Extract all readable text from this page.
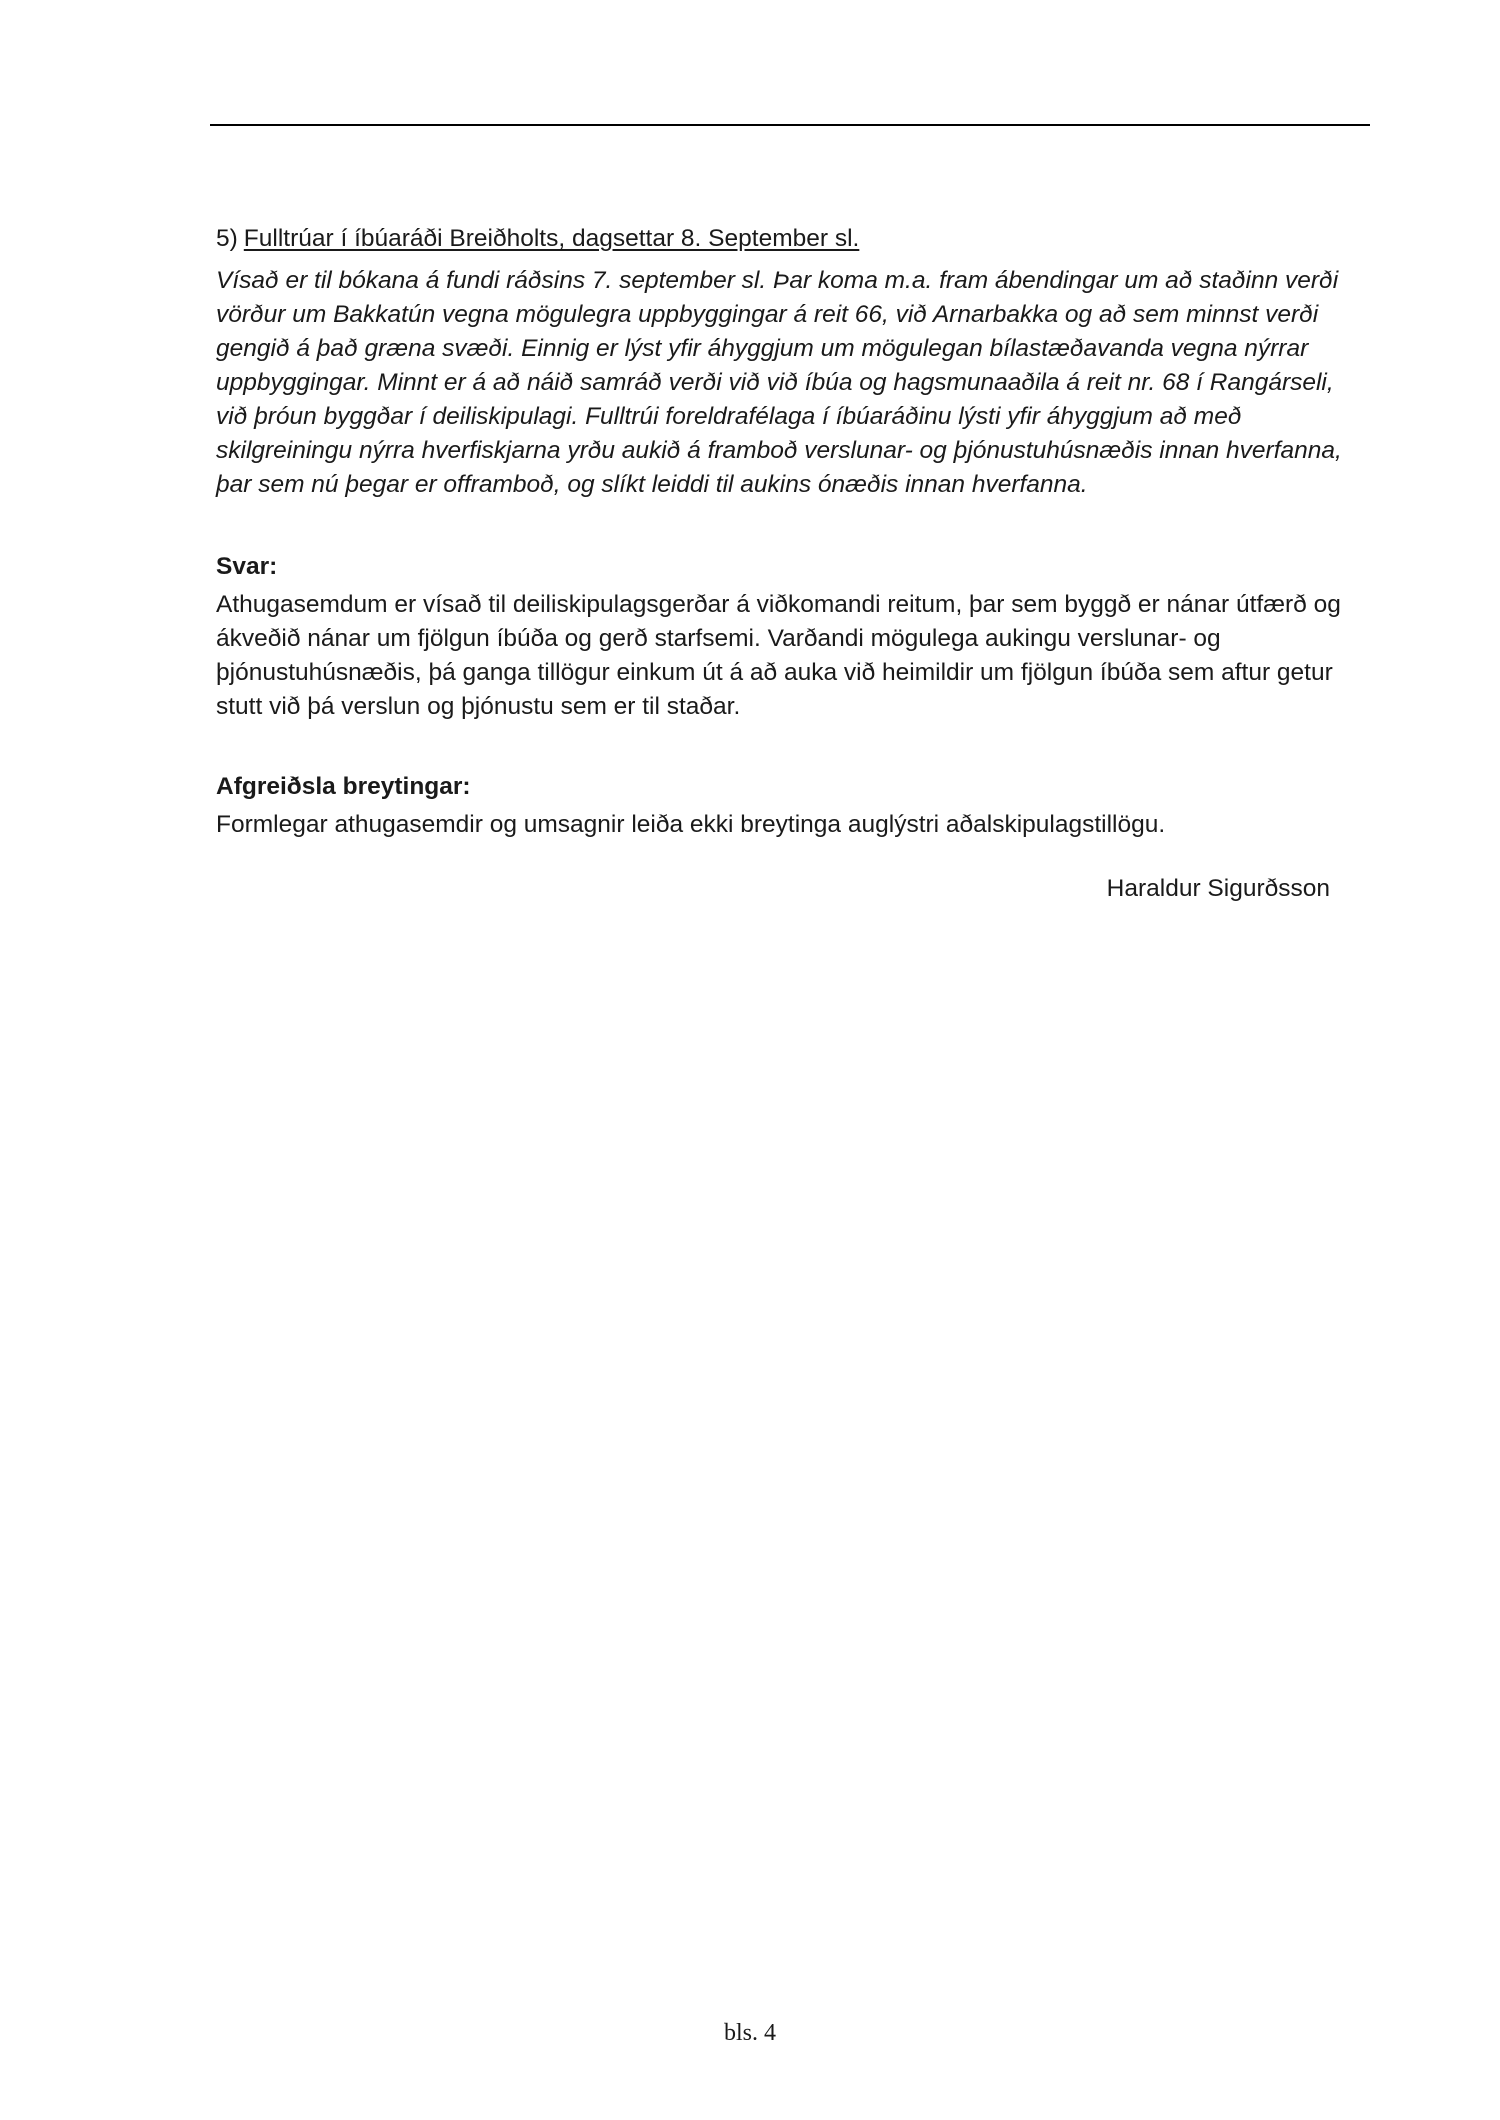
5) Fulltrúar í íbúaráði Breiðholts, dagsettar 8. September sl.

Vísað er til bókana á fundi ráðsins 7. september sl. Þar koma m.a. fram ábendingar um að staðinn verði vörður um Bakkatún vegna mögulegra uppbyggingar á reit 66, við Arnarbakka og að sem minnst verði gengið á það græna svæði. Einnig er lýst yfir áhyggjum um mögulegan bílastæðavanda vegna nýrrar uppbyggingar. Minnt er á að náið samráð verði við við íbúa og hagsmunaaðila á reit nr. 68 í Rangárseli, við þróun byggðar í deiliskipulagi. Fulltrúi foreldrafélaga í íbúaráðinu lýsti yfir áhyggjum að með skilgreiningu nýrra hverfiskjarna yrðu aukið á framboð verslunar- og þjónustuhúsnæðis innan hverfanna, þar sem nú þegar er offramboð, og slíkt leiddi til aukins ónæðis innan hverfanna.

Svar:

Athugasemdum er vísað til deiliskipulagsgerðar á viðkomandi reitum, þar sem byggð er nánar útfærð og ákveðið nánar um fjölgun íbúða og gerð starfsemi. Varðandi mögulega aukingu verslunar- og þjónustuhúsnæðis, þá ganga tillögur einkum út á að auka við heimildir um fjölgun íbúða sem aftur getur stutt við þá verslun og þjónustu sem er til staðar.

Afgreiðsla breytingar:

Formlegar athugasemdir og umsagnir leiða ekki breytinga auglýstri aðalskipulagstillögu.

Haraldur Sigurðsson

bls. 4
